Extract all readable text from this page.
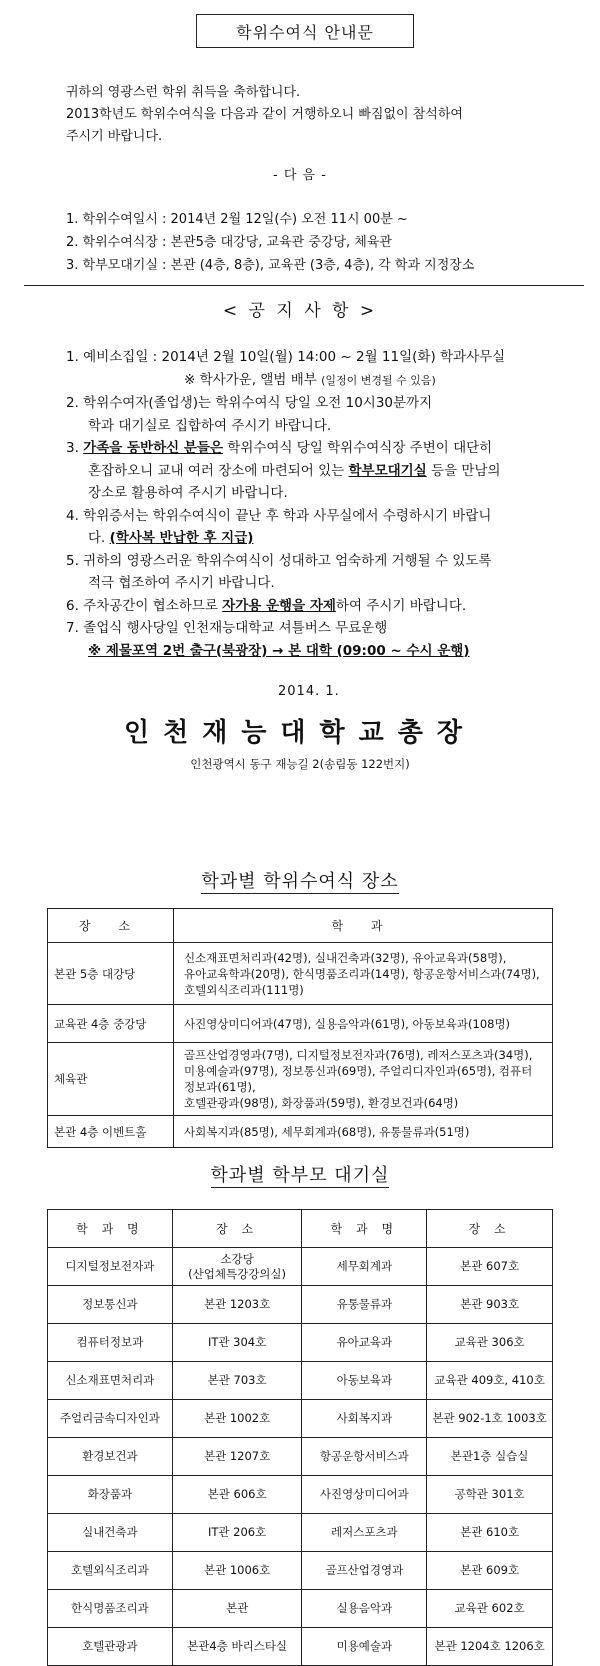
학위수여식 안내문
귀하의 영광스런 학위 취득을 축하합니다.
2013학년도 학위수여식을 다음과 같이 거행하오니 빠짐없이 참석하여
주시기 바랍니다.
- 다 음 -
1. 학위수여일시 : 2014년 2월 12일(수) 오전 11시 00분 ~
2. 학위수여식장 : 본관5층 대강당, 교육관 중강당, 체육관
3. 학부모대기실 : 본관 (4층, 8층), 교육관 (3층, 4층), 각 학과 지정장소
< 공 지 사 항 >
1. 예비소집일 : 2014년 2월 10일(월) 14:00 ~ 2월 11일(화) 학과사무실
※ 학사가운, 앨범 배부 (일정이 변경될 수 있음)
2. 학위수여자(졸업생)는 학위수여식 당일 오전 10시30분까지
학과 대기실로 집합하여 주시기 바랍니다.
3. 가족을 동반하신 분들은 학위수여식 당일 학위수여식장 주변이 대단히
혼잡하오니 교내 여러 장소에 마련되어 있는 학부모대기실 등을 만남의
장소로 활용하여 주시기 바랍니다.
4. 학위증서는 학위수여식이 끝난 후 학과 사무실에서 수령하시기 바랍니
다. (학사복 반납한 후 지급)
5. 귀하의 영광스러운 학위수여식이 성대하고 엄숙하게 거행될 수 있도록
적극 협조하여 주시기 바랍니다.
6. 주차공간이 협소하므로 자가용 운행을 자제하여 주시기 바랍니다.
7. 졸업식 행사당일 인천재능대학교 셔틀버스 무료운행
※ 제물포역 2번 출구(북광장) → 본 대학 (09:00 ~ 수시 운행)
2014. 1.
인천재능대학교총장
인천광역시 동구 재능길 2(송림동 122번지)
학과별 학위수여식 장소
장 소	학 과
본관 5층 대강당	신소재표면처리과(42명), 실내건축과(32명), 유아교육과(58명),
유아교육학과(20명), 한식명품조리과(14명), 항공운항서비스과(74명),
호텔외식조리과(111명)

교육관 4층 중강당	사진영상미디어과(47명), 실용음악과(61명), 아동보육과(108명)

체육관	골프산업경영과(7명), 디지털정보전자과(76명), 레저스포츠과(34명),
미용예술과(97명), 정보통신과(69명), 주얼리디자인과(65명), 컴퓨터정보과(61명),
호텔관광과(98명), 화장품과(59명), 환경보건과(64명)

본관 4층 이벤트홀	사회복지과(85명), 세무회계과(68명), 유통물류과(51명)
학과별 학부모 대기실
학 과 명	장 소	학 과 명	장 소
디지털정보전자과	소강당
(산업체특강강의실)	세무회계과	본관 607호
정보통신과	본관 1203호	유통물류과	본관 903호
컴퓨터정보과	IT관 304호	유아교육과	교육관 306호
신소재표면처리과	본관 703호	아동보육과	교육관 409호, 410호
주얼리금속디자인과	본관 1002호	사회복지과	본관 902-1호 1003호
환경보건과	본관 1207호	항공운항서비스과	본관1층 실습실
화장품과	본관 606호	사진영상미디어과	공학관 301호
실내건축과	IT관 206호	레저스포츠과	본관 610호
호텔외식조리과	본관 1006호	골프산업경영과	본관 609호
한식명품조리과	본관	실용음악과	교육관 602호
호텔관광과	본관4층 바리스타실	미용예술과	본관 1204호 1206호
